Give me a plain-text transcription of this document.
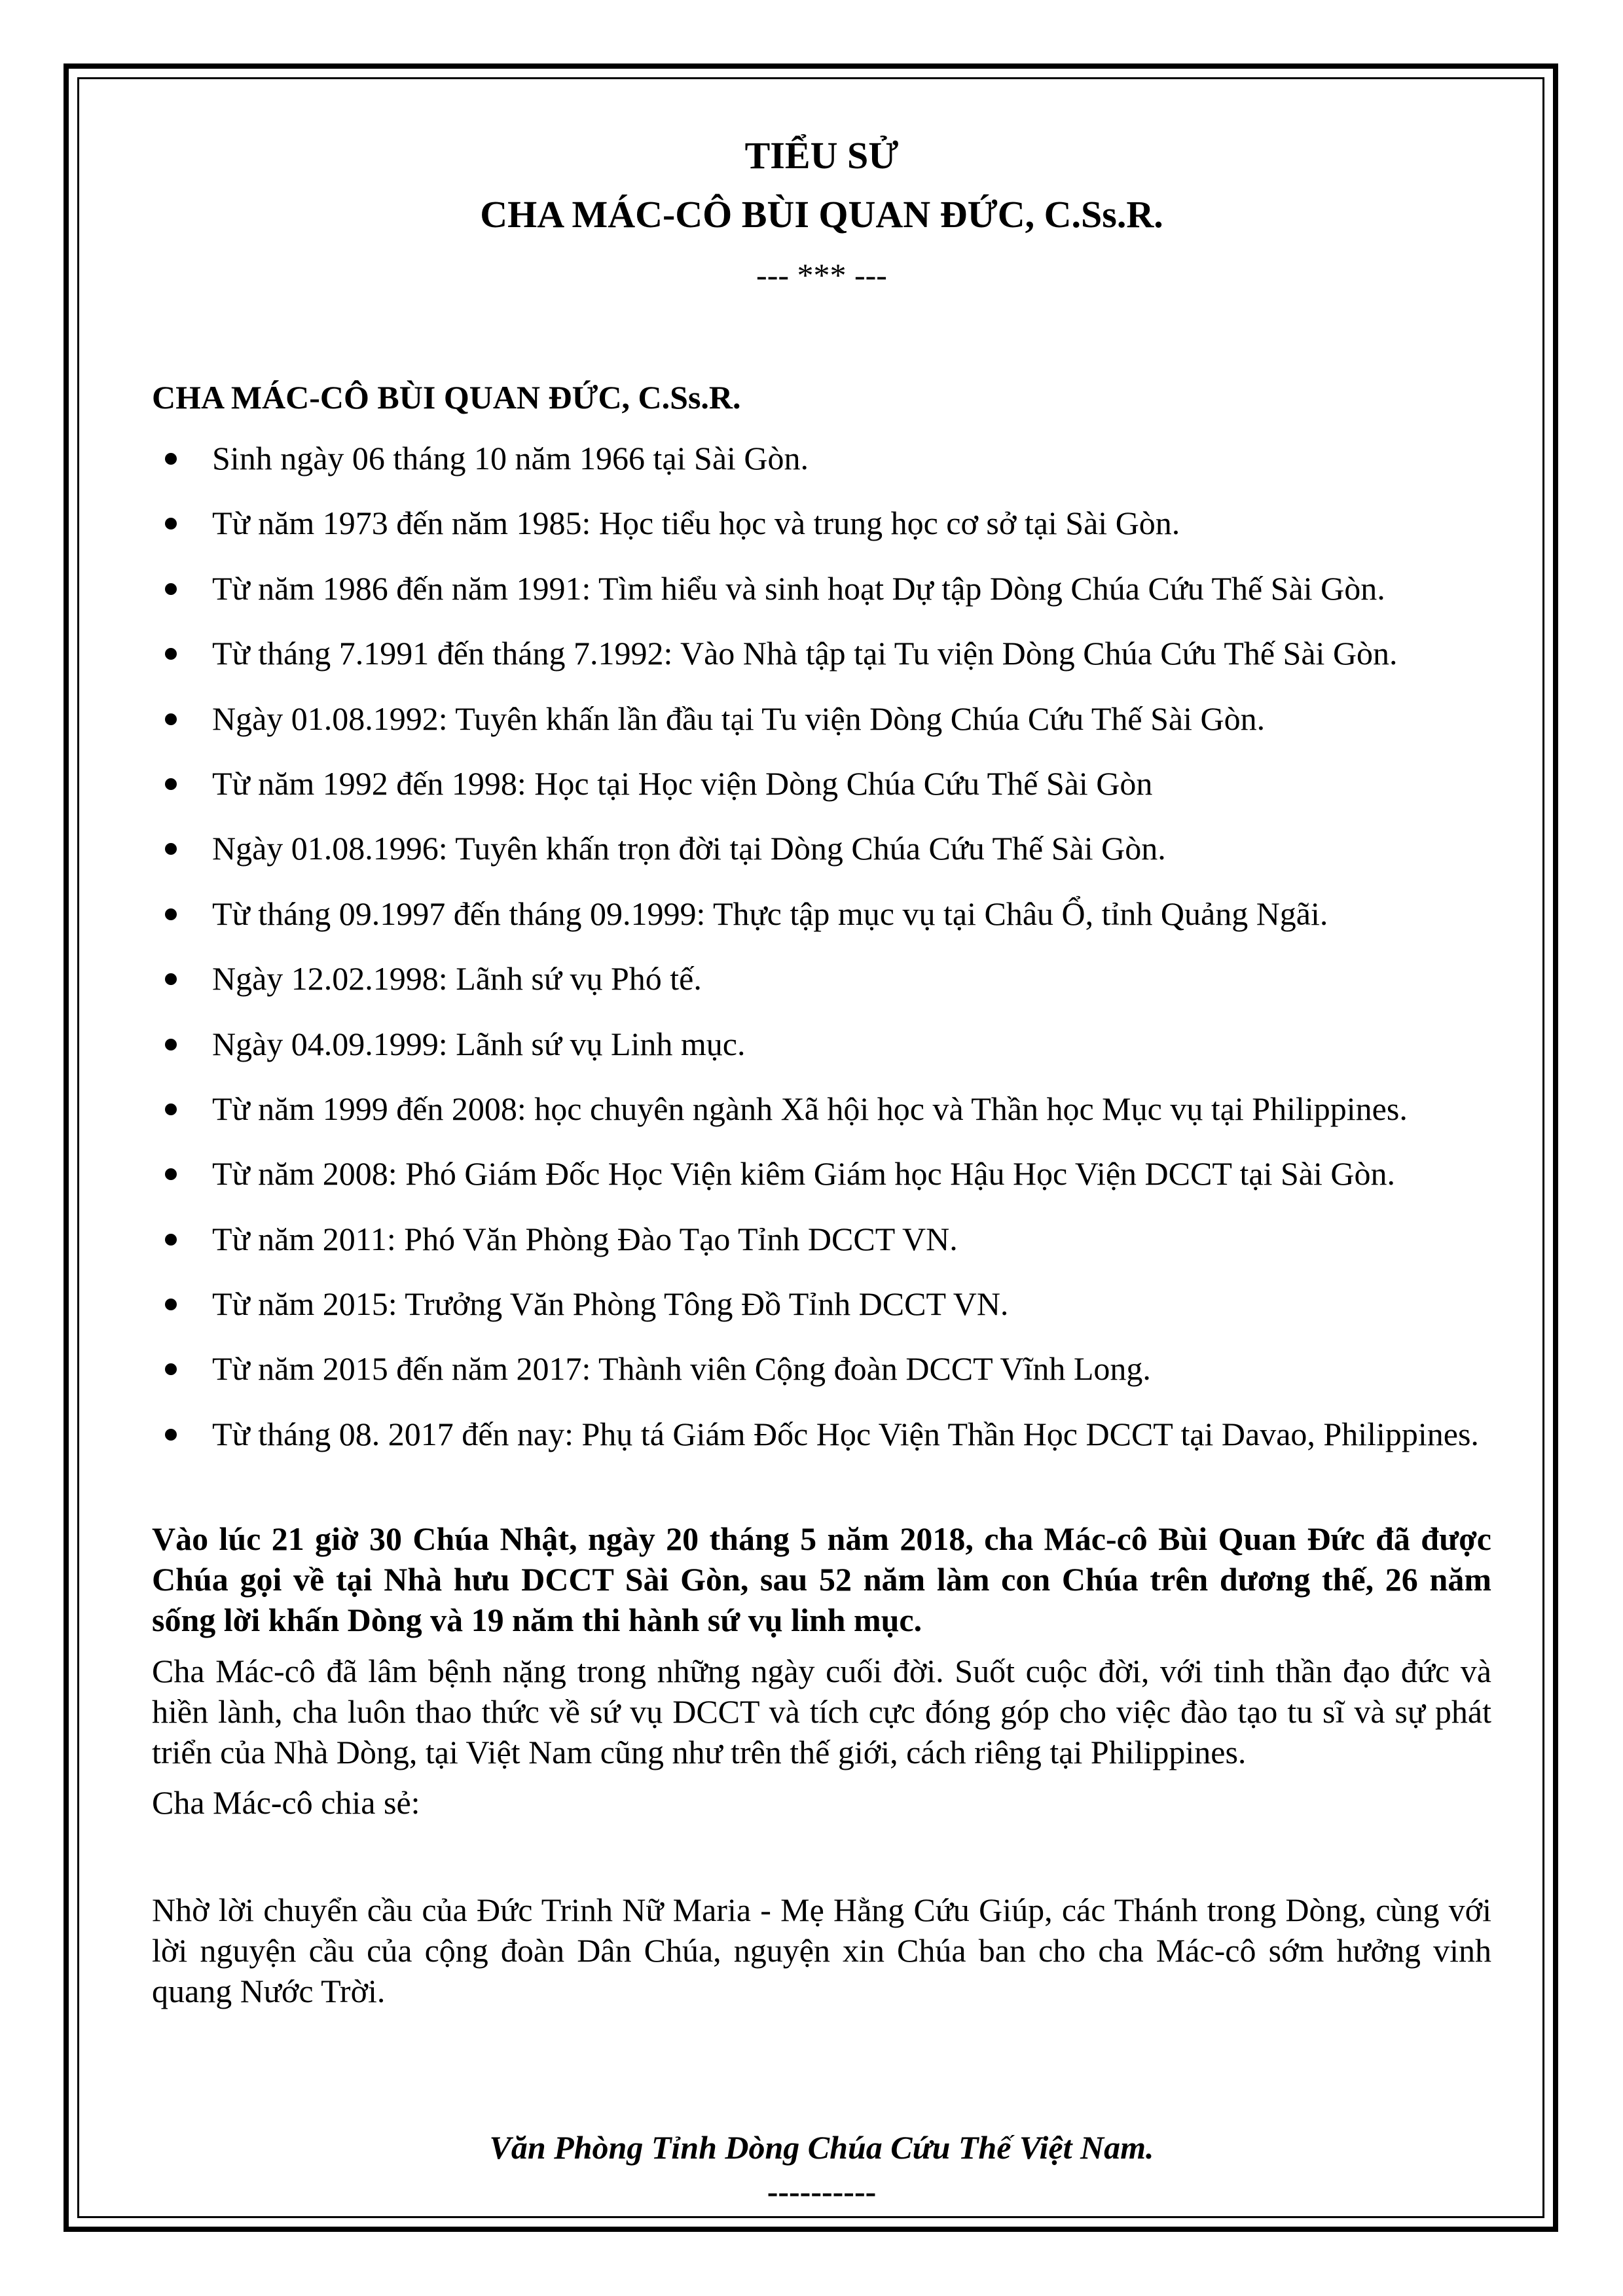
TIỂU SỬ
CHA MÁC-CÔ BÙI QUAN ĐỨC, C.Ss.R.

--- *** ---

CHA MÁC-CÔ BÙI QUAN ĐỨC, C.Ss.R.

Sinh ngày 06 tháng 10 năm 1966 tại Sài Gòn.
Từ năm 1973 đến năm 1985: Học tiểu học và trung học cơ sở tại Sài Gòn.
Từ năm 1986 đến năm 1991: Tìm hiểu và sinh hoạt Dự tập Dòng Chúa Cứu Thế Sài Gòn.
Từ tháng 7.1991 đến tháng 7.1992: Vào Nhà tập tại Tu viện Dòng Chúa Cứu Thế Sài Gòn.
Ngày 01.08.1992: Tuyên khấn lần đầu tại Tu viện Dòng Chúa Cứu Thế Sài Gòn.
Từ năm 1992 đến 1998: Học tại Học viện Dòng Chúa Cứu Thế Sài Gòn
Ngày 01.08.1996: Tuyên khấn trọn đời tại Dòng Chúa Cứu Thế Sài Gòn.
Từ tháng 09.1997 đến tháng 09.1999: Thực tập mục vụ tại Châu Ổ, tỉnh Quảng Ngãi.
Ngày 12.02.1998: Lãnh sứ vụ Phó tế.
Ngày 04.09.1999: Lãnh sứ vụ Linh mục.
Từ năm 1999 đến 2008: học chuyên ngành Xã hội học và Thần học Mục vụ tại Philippines.
Từ năm 2008: Phó Giám Đốc Học Viện kiêm Giám học Hậu Học Viện DCCT tại Sài Gòn.
Từ năm 2011: Phó Văn Phòng Đào Tạo Tỉnh DCCT VN.
Từ năm 2015: Trưởng Văn Phòng Tông Đồ Tỉnh DCCT VN.
Từ năm 2015 đến năm 2017: Thành viên Cộng đoàn DCCT Vĩnh Long.
Từ tháng 08. 2017 đến nay: Phụ tá Giám Đốc Học Viện Thần Học DCCT tại Davao, Philippines.

Vào lúc 21 giờ 30 Chúa Nhật, ngày 20 tháng 5 năm 2018, cha Mác-cô Bùi Quan Đức đã được Chúa gọi về tại Nhà hưu DCCT Sài Gòn, sau 52 năm làm con Chúa trên dương thế, 26 năm sống lời khấn Dòng và 19 năm thi hành sứ vụ linh mục.

Cha Mác-cô đã lâm bệnh nặng trong những ngày cuối đời. Suốt cuộc đời, với tinh thần đạo đức và hiền lành, cha luôn thao thức về sứ vụ DCCT và tích cực đóng góp cho việc đào tạo tu sĩ và sự phát triển của Nhà Dòng, tại Việt Nam cũng như trên thế giới, cách riêng tại Philippines.

Cha Mác-cô chia sẻ:

Nhờ lời chuyển cầu của Đức Trinh Nữ Maria - Mẹ Hằng Cứu Giúp, các Thánh trong Dòng, cùng với lời nguyện cầu của cộng đoàn Dân Chúa, nguyện xin Chúa ban cho cha Mác-cô sớm hưởng vinh quang Nước Trời.

Văn Phòng Tỉnh Dòng Chúa Cứu Thế Việt Nam.

----------
